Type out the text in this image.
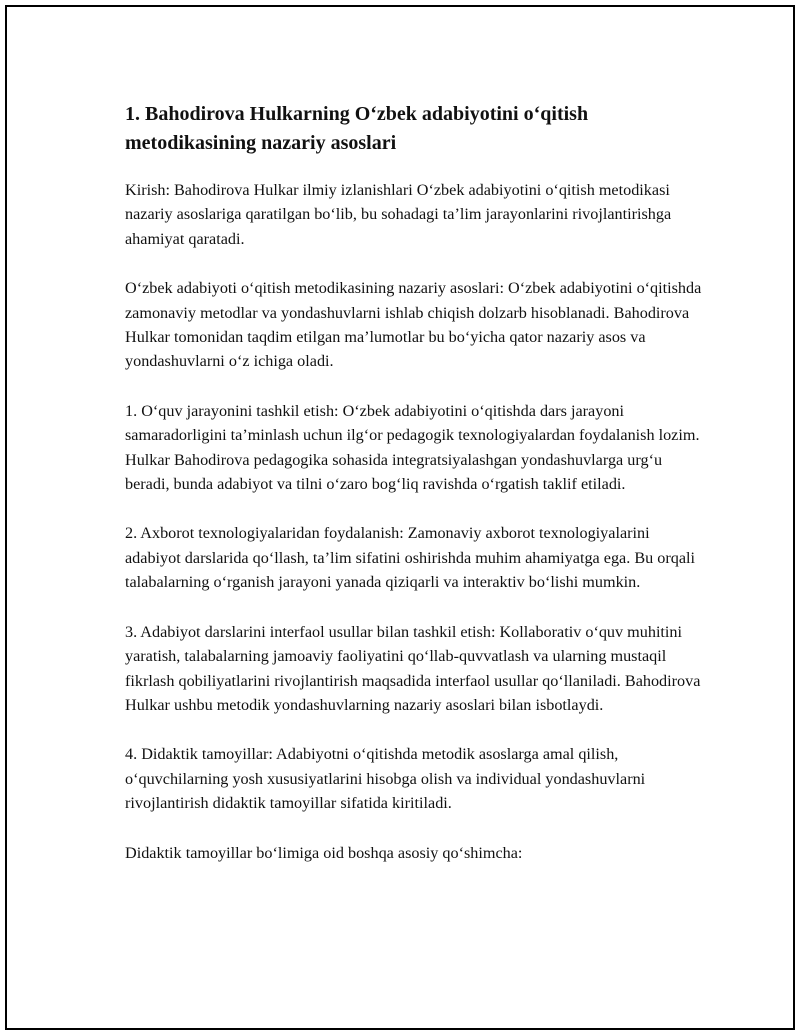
1. Bahodirova Hulkarning O‘zbek adabiyotini o‘qitish metodikasining nazariy asoslari

Kirish: Bahodirova Hulkar ilmiy izlanishlari O‘zbek adabiyotini o‘qitish metodikasi nazariy asoslariga qaratilgan bo‘lib, bu sohadagi ta’lim jarayonlarini rivojlantirishga ahamiyat qaratadi.

O‘zbek adabiyoti o‘qitish metodikasining nazariy asoslari: O‘zbek adabiyotini o‘qitishda zamonaviy metodlar va yondashuvlarni ishlab chiqish dolzarb hisoblanadi. Bahodirova Hulkar tomonidan taqdim etilgan ma’lumotlar bu bo‘yicha qator nazariy asos va yondashuvlarni o‘z ichiga oladi.

1. O‘quv jarayonini tashkil etish: O‘zbek adabiyotini o‘qitishda dars jarayoni samaradorligini ta’minlash uchun ilg‘or pedagogik texnologiyalardan foydalanish lozim. Hulkar Bahodirova pedagogika sohasida integratsiyalashgan yondashuvlarga urg‘u beradi, bunda adabiyot va tilni o‘zaro bog‘liq ravishda o‘rgatish taklif etiladi.

2. Axborot texnologiyalaridan foydalanish: Zamonaviy axborot texnologiyalarini adabiyot darslarida qo‘llash, ta’lim sifatini oshirishda muhim ahamiyatga ega. Bu orqali talabalarning o‘rganish jarayoni yanada qiziqarli va interaktiv bo‘lishi mumkin.

3. Adabiyot darslarini interfaol usullar bilan tashkil etish: Kollaborativ o‘quv muhitini yaratish, talabalarning jamoaviy faoliyatini qo‘llab-quvvatlash va ularning mustaqil fikrlash qobiliyatlarini rivojlantirish maqsadida interfaol usullar qo‘llaniladi. Bahodirova Hulkar ushbu metodik yondashuvlarning nazariy asoslari bilan isbotlaydi.

4. Didaktik tamoyillar: Adabiyotni o‘qitishda metodik asoslarga amal qilish, o‘quvchilarning yosh xususiyatlarini hisobga olish va individual yondashuvlarni rivojlantirish didaktik tamoyillar sifatida kiritiladi.

Didaktik tamoyillar bo‘limiga oid boshqa asosiy qo‘shimcha:
